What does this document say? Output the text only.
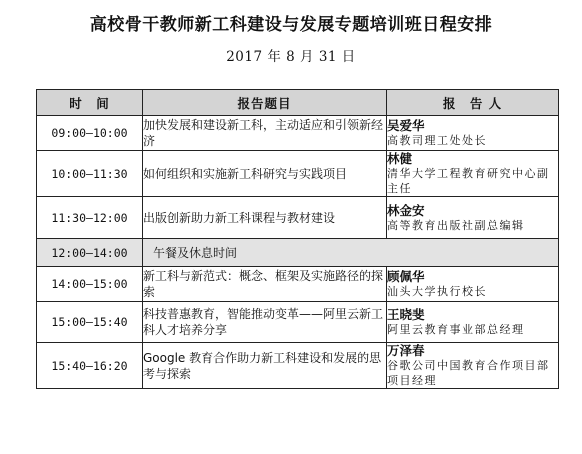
高校骨干教师新工科建设与发展专题培训班日程安排
2017 年 8 月 31 日
时　间	报告题目	报　告 人
09:00—10:00	加快发展和建设新工科，主动适应和引领新经济	吴爱华
高教司理工处处长

10:00—11:30	如何组织和实施新工科研究与实践项目	林健
清华大学工程教育研究中心副主任

11:30—12:00	出版创新助力新工科课程与教材建设	林金安
高等教育出版社副总编辑

12:00—14:00	午餐及休息时间	
14:00—15:00	新工科与新范式：概念、框架及实施路径的探索	顾佩华
汕头大学执行校长

15:00—15:40	科技普惠教育，智能推动变革——阿里云新工科人才培养分享	王晓斐
阿里云教育事业部总经理

15:40—16:20	Google 教育合作助力新工科建设和发展的思考与探索	万泽春
谷歌公司中国教育合作项目部项目经理
